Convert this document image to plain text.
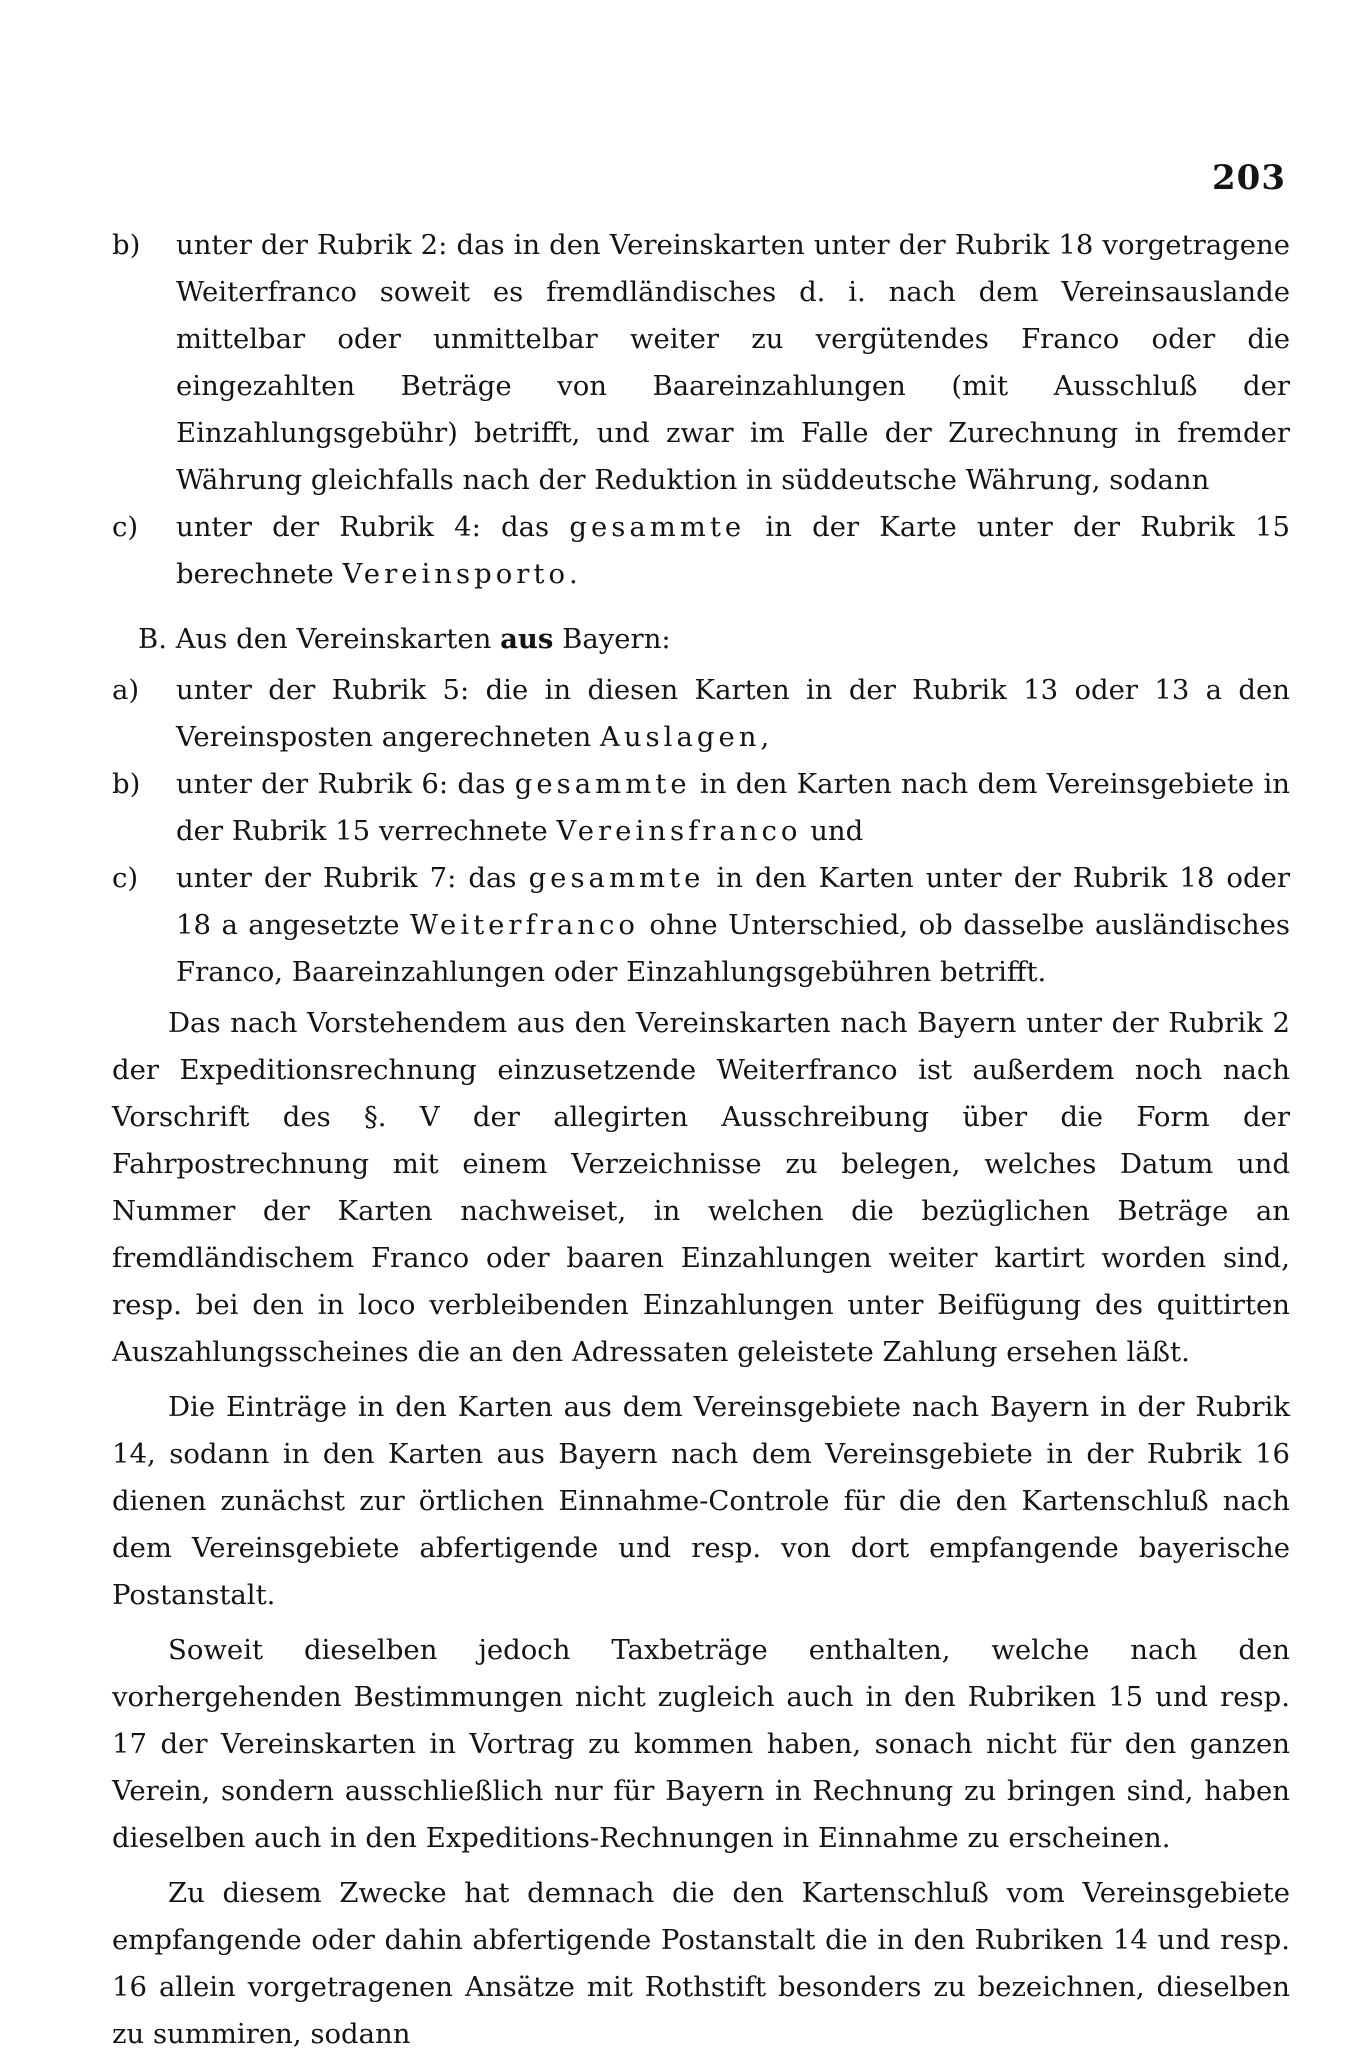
203
b)	unter der Rubrik 2: das in den Vereinskarten unter der Rubrik 18 vorgetragene Weiterfranco soweit es fremdländisches d. i. nach dem Vereinsauslande mittelbar oder unmittelbar weiter zu vergütendes Franco oder die eingezahlten Beträge von Baareinzahlungen (mit Ausschluß der Einzahlungsgebühr) betrifft, und zwar im Falle der Zurechnung in fremder Währung gleichfalls nach der Reduktion in süddeutsche Währung, sodann
c)	unter der Rubrik 4: das gesammte in der Karte unter der Rubrik 15 berechnete Vereinsporto.
B. Aus den Vereinskarten aus Bayern:
a)	unter der Rubrik 5: die in diesen Karten in der Rubrik 13 oder 13 a den Vereinsposten angerechneten Auslagen,
b)	unter der Rubrik 6: das gesammte in den Karten nach dem Vereinsgebiete in der Rubrik 15 verrechnete Vereinsfranco und
c)	unter der Rubrik 7: das gesammte in den Karten unter der Rubrik 18 oder 18 a angesetzte Weiterfranco ohne Unterschied, ob dasselbe ausländisches Franco, Baareinzahlungen oder Einzahlungsgebühren betrifft.

Das nach Vorstehendem aus den Vereinskarten nach Bayern unter der Rubrik 2 der Expeditionsrechnung einzusetzende Weiterfranco ist außerdem noch nach Vorschrift des §. V der allegirten Ausschreibung über die Form der Fahrpostrechnung mit einem Verzeichnisse zu belegen, welches Datum und Nummer der Karten nachweiset, in welchen die bezüglichen Beträge an fremdländischem Franco oder baaren Einzahlungen weiter kartirt worden sind, resp. bei den in loco verbleibenden Einzahlungen unter Beifügung des quittirten Auszahlungsscheines die an den Adressaten geleistete Zahlung ersehen läßt.

Die Einträge in den Karten aus dem Vereinsgebiete nach Bayern in der Rubrik 14, sodann in den Karten aus Bayern nach dem Vereinsgebiete in der Rubrik 16 dienen zunächst zur örtlichen Einnahme-Controle für die den Kartenschluß nach dem Vereinsgebiete abfertigende und resp. von dort empfangende bayerische Postanstalt.

Soweit dieselben jedoch Taxbeträge enthalten, welche nach den vorhergehenden Bestimmungen nicht zugleich auch in den Rubriken 15 und resp. 17 der Vereinskarten in Vortrag zu kommen haben, sonach nicht für den ganzen Verein, sondern ausschließlich nur für Bayern in Rechnung zu bringen sind, haben dieselben auch in den Expeditions-Rechnungen in Einnahme zu erscheinen.

Zu diesem Zwecke hat demnach die den Kartenschluß vom Vereinsgebiete empfangende oder dahin abfertigende Postanstalt die in den Rubriken 14 und resp. 16 allein vorgetragenen Ansätze mit Rothstift besonders zu bezeichnen, dieselben zu summiren, sodann
